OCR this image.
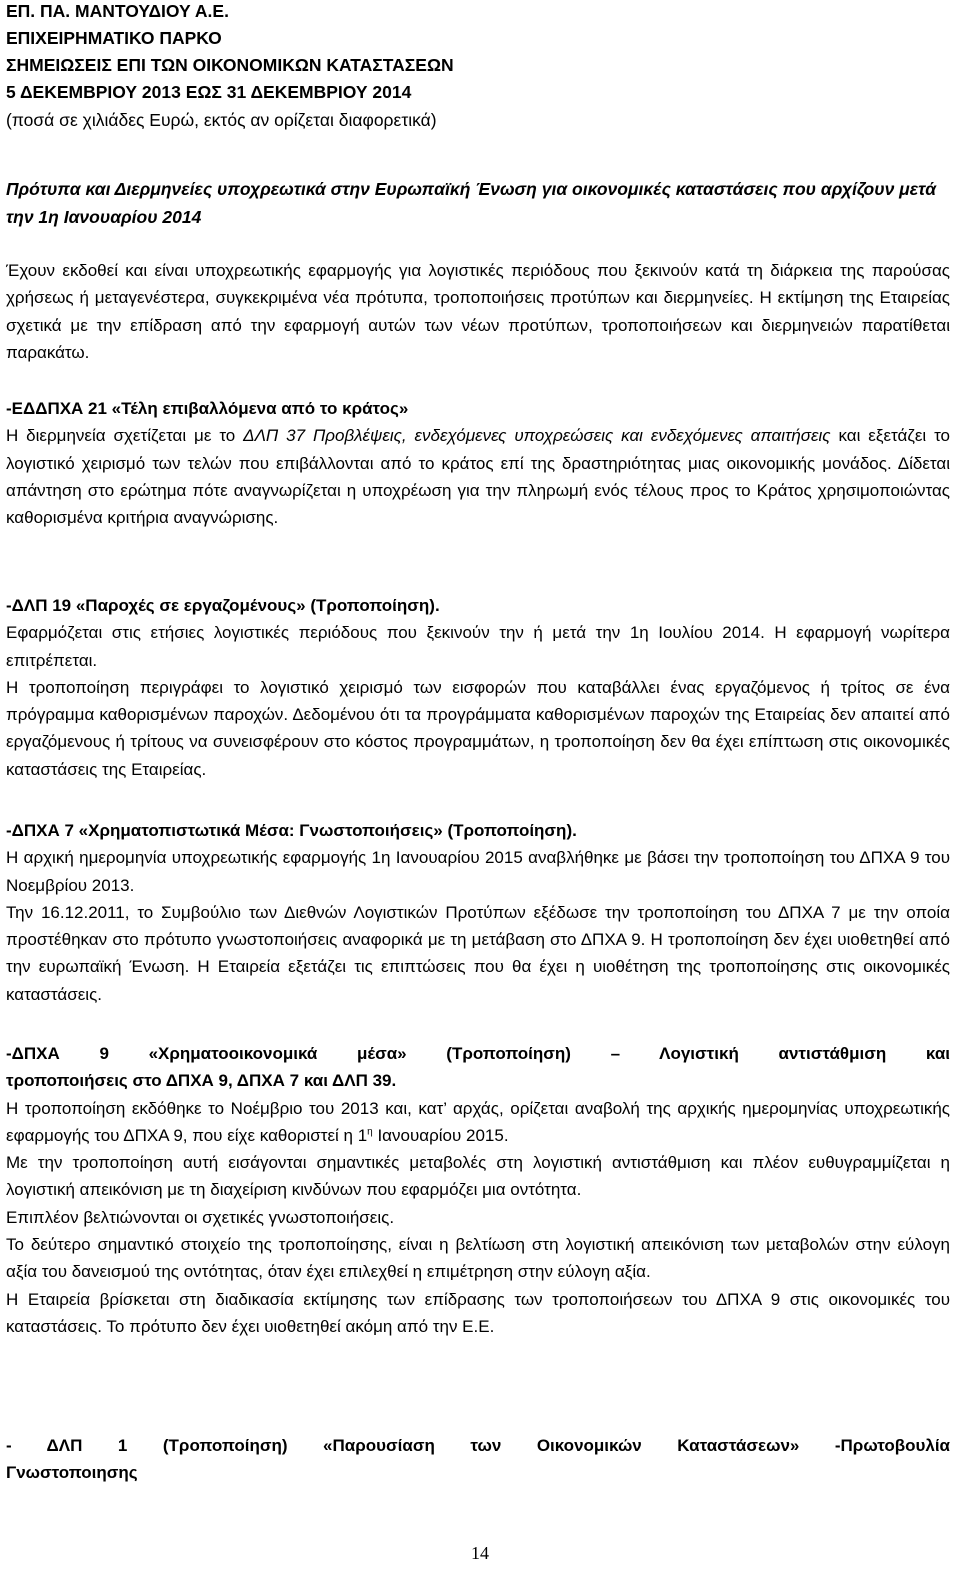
ΕΠ. ΠΑ. ΜΑΝΤΟΥΔΙΟΥ Α.Ε.

ΕΠΙΧΕΙΡΗΜΑΤΙΚΟ ΠΑΡΚΟ

ΣΗΜΕΙΩΣΕΙΣ ΕΠΙ ΤΩΝ ΟΙΚΟΝΟΜΙΚΩΝ ΚΑΤΑΣΤΑΣΕΩΝ

5 ΔΕΚΕΜΒΡΙΟΥ 2013 ΕΩΣ 31 ΔΕΚΕΜΒΡΙΟΥ 2014

(ποσά σε χιλιάδες Ευρώ, εκτός αν ορίζεται διαφορετικά)

Πρότυπα και Διερμηνείες υποχρεωτικά στην Ευρωπαϊκή Ένωση για οικονομικές καταστάσεις που αρχίζουν μετά την 1η Ιανουαρίου 2014

Έχουν εκδοθεί και είναι υποχρεωτικής εφαρμογής για λογιστικές περιόδους που ξεκινούν κατά τη διάρκεια της παρούσας χρήσεως ή μεταγενέστερα, συγκεκριμένα νέα πρότυπα, τροποποιήσεις προτύπων και διερμηνείες. Η εκτίμηση της Εταιρείας σχετικά με την επίδραση από την εφαρμογή αυτών των νέων προτύπων, τροποποιήσεων και διερμηνειών παρατίθεται παρακάτω.

-ΕΔΔΠΧΑ 21 «Τέλη επιβαλλόμενα από το κράτος»

Η διερμηνεία σχετίζεται με το ΔΛΠ 37 Προβλέψεις, ενδεχόμενες υποχρεώσεις και ενδεχόμενες απαιτήσεις και εξετάζει το λογιστικό χειρισμό των τελών που επιβάλλονται από το κράτος επί της δραστηριότητας μιας οικονομικής μονάδος. Δίδεται απάντηση στο ερώτημα πότε αναγνωρίζεται η υποχρέωση για την πληρωμή ενός τέλους προς το Κράτος χρησιμοποιώντας καθορισμένα κριτήρια αναγνώρισης.

-ΔΛΠ 19 «Παροχές σε εργαζομένους» (Τροποποίηση).

Εφαρμόζεται στις ετήσιες λογιστικές περιόδους που ξεκινούν την ή μετά την 1η Ιουλίου 2014. Η εφαρμογή νωρίτερα επιτρέπεται.

Η τροποποίηση περιγράφει το λογιστικό χειρισμό των εισφορών που καταβάλλει ένας εργαζόμενος ή τρίτος σε ένα πρόγραμμα καθορισμένων παροχών. Δεδομένου ότι τα προγράμματα καθορισμένων παροχών της Εταιρείας δεν απαιτεί από εργαζόμενους ή τρίτους να συνεισφέρουν στο κόστος προγραμμάτων, η τροποποίηση δεν θα έχει επίπτωση στις οικονομικές καταστάσεις της Εταιρείας.

-ΔΠΧΑ 7 «Χρηματοπιστωτικά Μέσα: Γνωστοποιήσεις» (Τροποποίηση).

Η αρχική ημερομηνία υποχρεωτικής εφαρμογής 1η Ιανουαρίου 2015 αναβλήθηκε με βάσει την τροποποίηση του ΔΠΧΑ 9 του Νοεμβρίου 2013.

Την 16.12.2011, το Συμβούλιο των Διεθνών Λογιστικών Προτύπων εξέδωσε την τροποποίηση του ΔΠΧΑ 7 με την οποία προστέθηκαν στο πρότυπο γνωστοποιήσεις αναφορικά με τη μετάβαση στο ΔΠΧΑ 9. Η τροποποίηση δεν έχει υιοθετηθεί από την ευρωπαϊκή Ένωση. Η Εταιρεία εξετάζει τις επιπτώσεις που θα έχει η υιοθέτηση της τροποποίησης στις οικονομικές καταστάσεις.

-ΔΠΧΑ 9 «Χρηματοοικονομικά μέσα» (Τροποποίηση) – Λογιστική αντιστάθμιση και

τροποποιήσεις στο ΔΠΧΑ 9, ΔΠΧΑ 7 και ΔΛΠ 39.

Η τροποποίηση εκδόθηκε το Νοέμβριο του 2013 και, κατ’ αρχάς, ορίζεται αναβολή της αρχικής ημερομηνίας υποχρεωτικής εφαρμογής του ΔΠΧΑ 9, που είχε καθοριστεί η $1^\eta$ Ιανουαρίου 2015.

Με την τροποποίηση αυτή εισάγονται σημαντικές μεταβολές στη λογιστική αντιστάθμιση και πλέον ευθυγραμμίζεται η λογιστική απεικόνιση με τη διαχείριση κινδύνων που εφαρμόζει μια οντότητα.

Επιπλέον βελτιώνονται οι σχετικές γνωστοποιήσεις.

Το δεύτερο σημαντικό στοιχείο της τροποποίησης, είναι η βελτίωση στη λογιστική απεικόνιση των μεταβολών στην εύλογη αξία του δανεισμού της οντότητας, όταν έχει επιλεχθεί η επιμέτρηση στην εύλογη αξία.

Η Εταιρεία βρίσκεται στη διαδικασία εκτίμησης των επίδρασης των τροποποιήσεων του ΔΠΧΑ 9 στις οικονομικές του καταστάσεις. Το πρότυπο δεν έχει υιοθετηθεί ακόμη από την Ε.Ε.

- ΔΛΠ 1 (Τροποποίηση) «Παρουσίαση των Οικονομικών Καταστάσεων» -Πρωτοβουλία

Γνωστοποιησης

14
